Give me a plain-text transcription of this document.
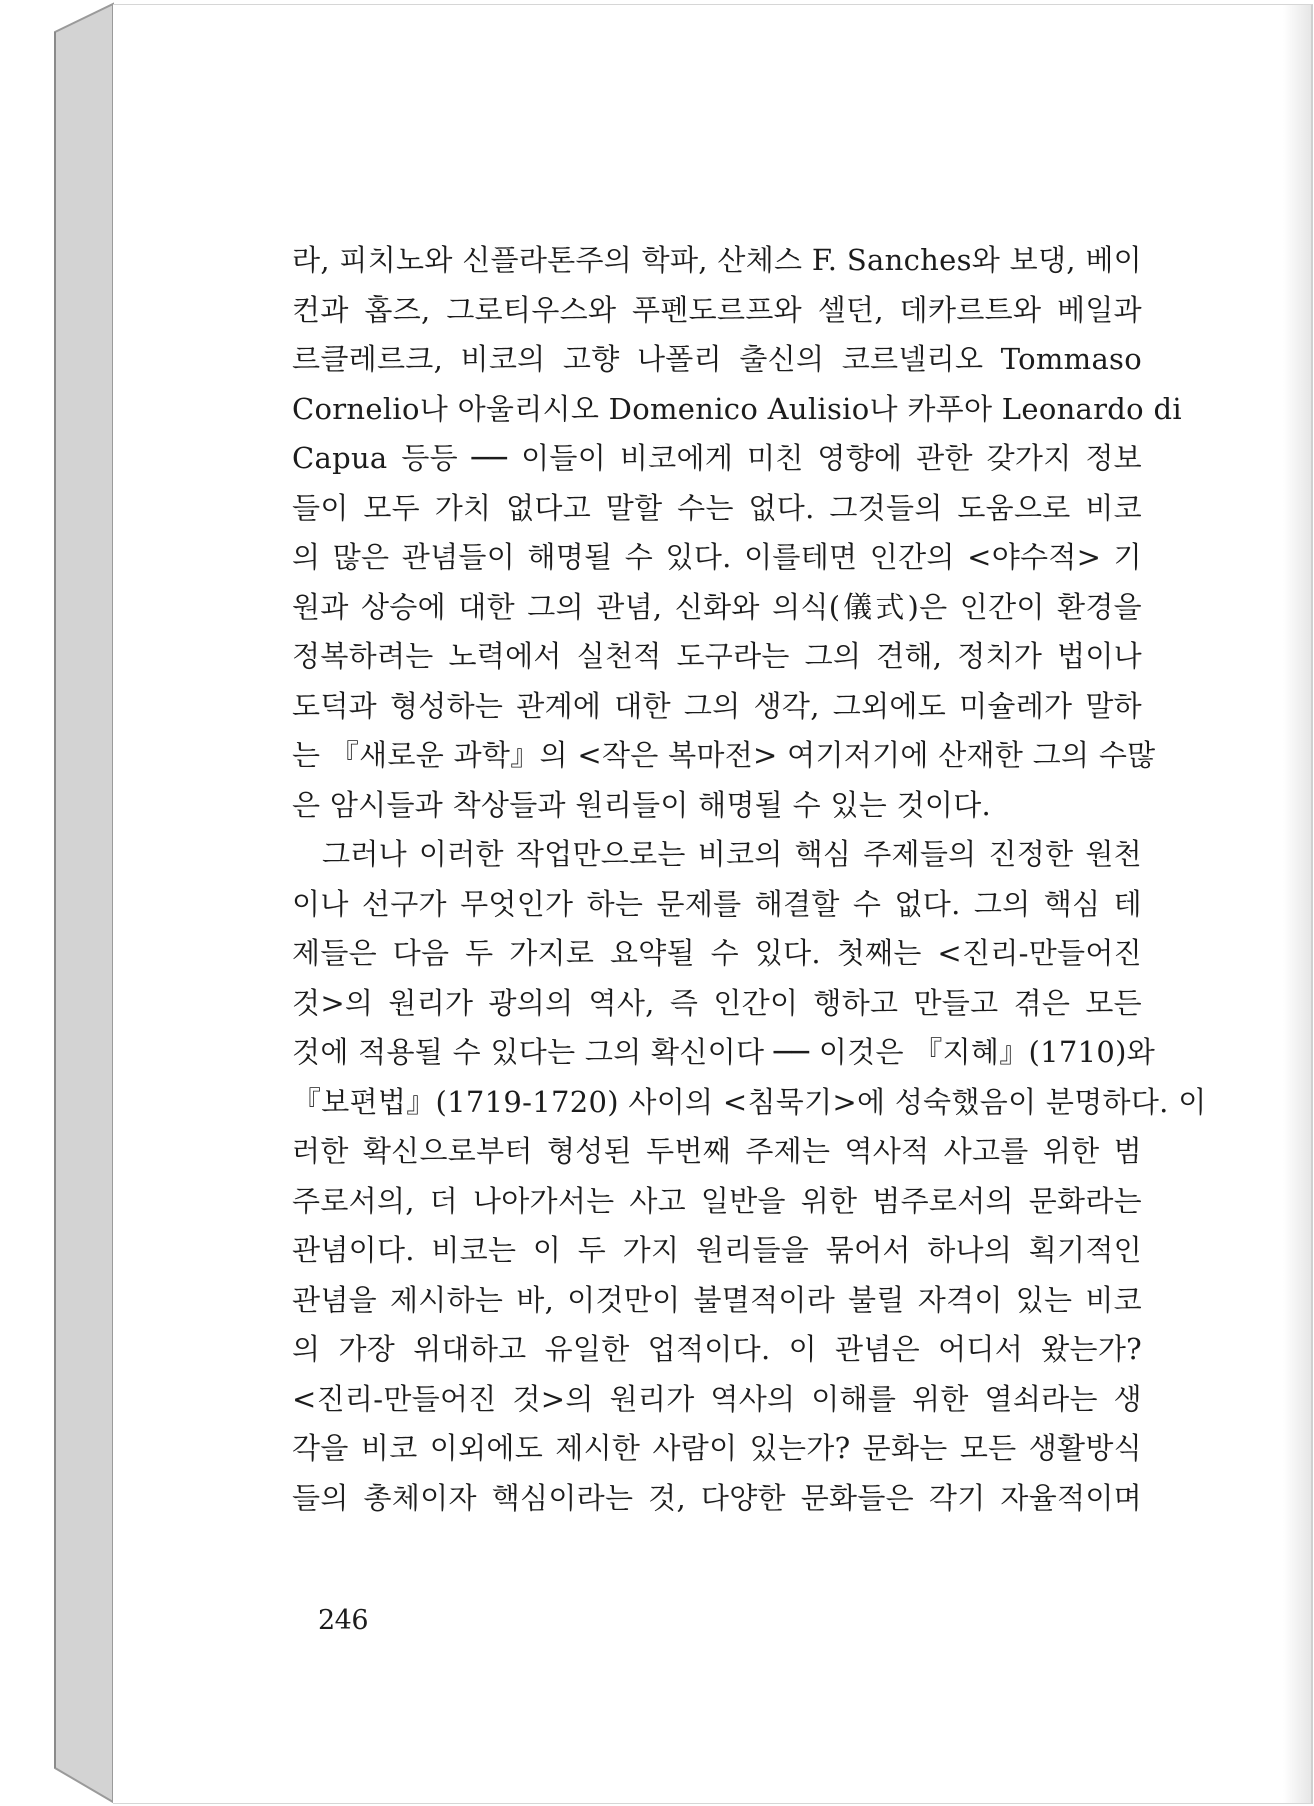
라, 피치노와 신플라톤주의 학파, 산체스 F. Sanches와 보댕, 베이
컨과 홉즈, 그로티우스와 푸펜도르프와 셀던, 데카르트와 베일과
르클레르크, 비코의 고향 나폴리 출신의 코르넬리오 Tommaso
Cornelio나 아울리시오 Domenico Aulisio나 카푸아 Leonardo di
Capua 등등 ── 이들이 비코에게 미친 영향에 관한 갖가지 정보
들이 모두 가치 없다고 말할 수는 없다. 그것들의 도움으로 비코
의 많은 관념들이 해명될 수 있다. 이를테면 인간의 <야수적> 기
원과 상승에 대한 그의 관념, 신화와 의식(儀式)은 인간이 환경을
정복하려는 노력에서 실천적 도구라는 그의 견해, 정치가 법이나
도덕과 형성하는 관계에 대한 그의 생각, 그외에도 미슐레가 말하
는 『새로운 과학』의 <작은 복마전> 여기저기에 산재한 그의 수많
은 암시들과 착상들과 원리들이 해명될 수 있는 것이다.
그러나 이러한 작업만으로는 비코의 핵심 주제들의 진정한 원천
이나 선구가 무엇인가 하는 문제를 해결할 수 없다. 그의 핵심 테
제들은 다음 두 가지로 요약될 수 있다. 첫째는 <진리-만들어진
것>의 원리가 광의의 역사, 즉 인간이 행하고 만들고 겪은 모든
것에 적용될 수 있다는 그의 확신이다 ── 이것은 『지혜』(1710)와
『보편법』(1719-1720) 사이의 <침묵기>에 성숙했음이 분명하다. 이
러한 확신으로부터 형성된 두번째 주제는 역사적 사고를 위한 범
주로서의, 더 나아가서는 사고 일반을 위한 범주로서의 문화라는
관념이다. 비코는 이 두 가지 원리들을 묶어서 하나의 획기적인
관념을 제시하는 바, 이것만이 불멸적이라 불릴 자격이 있는 비코
의 가장 위대하고 유일한 업적이다. 이 관념은 어디서 왔는가?
<진리-만들어진 것>의 원리가 역사의 이해를 위한 열쇠라는 생
각을 비코 이외에도 제시한 사람이 있는가? 문화는 모든 생활방식
들의 총체이자 핵심이라는 것, 다양한 문화들은 각기 자율적이며
246
